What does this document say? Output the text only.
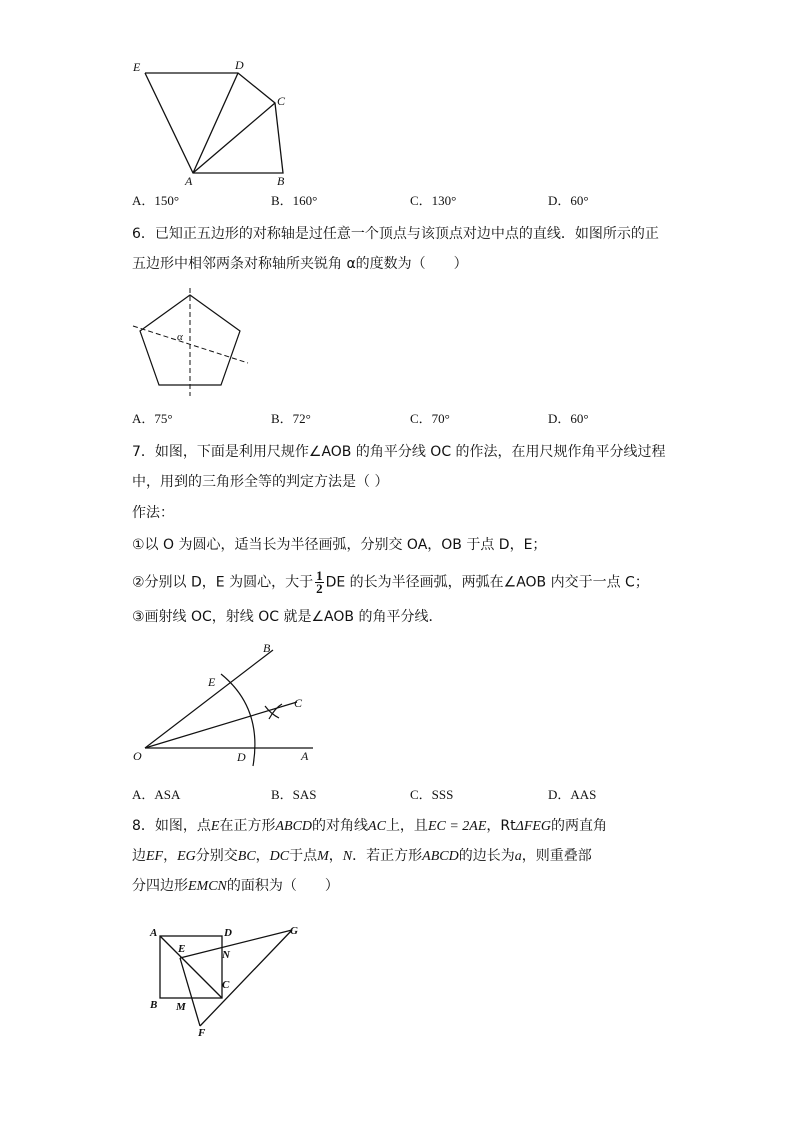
E	D
C
A	B
A．150°	B．160°	C．130°	D．60°
6．已知正五边形的对称轴是过任意一个顶点与该顶点对边中点的直线．如图所示的正
五边形中相邻两条对称轴所夹锐角 α的度数为（　　）
α
A．75°	B．72°	C．70°	D．60°
7．如图，下面是利用尺规作∠AOB 的角平分线 OC 的作法，在用尺规作角平分线过程
中，用到的三角形全等的判定方法是（ ）
作法：
①以 O 为圆心，适当长为半径画弧，分别交 OA，OB 于点 D，E；
②分别以 D，E 为圆心，大于 $\frac{1}{2}$ DE 的长为半径画弧，两弧在∠AOB 内交于一点 C；
③画射线 OC，射线 OC 就是∠AOB 的角平分线．
O	A
B
C
D
E
A．ASA	B．SAS	C．SSS	D．AAS
8．如图，点E在正方形ABCD的对角线AC上，且EC = 2AE，RtΔFEG的两直角
边EF，EG分别交BC，DC于点M，N．若正方形ABCD的边长为a，则重叠部
分四边形EMCN的面积为（　　）
A	D	G
E	N
C
B M
F
